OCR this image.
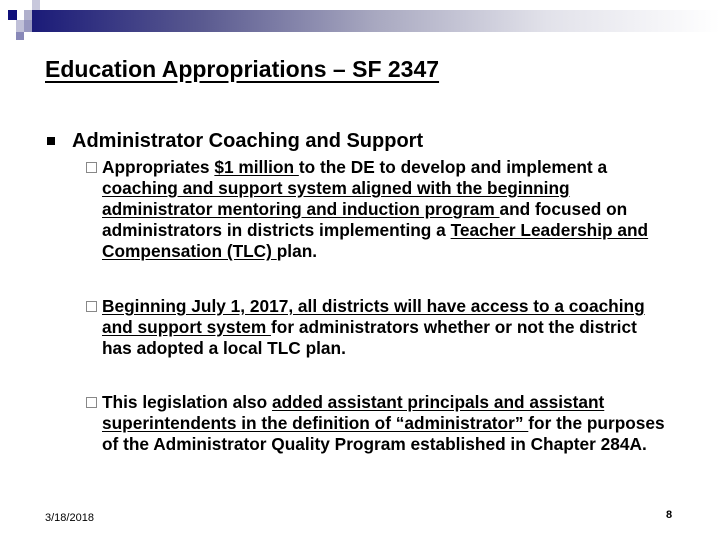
Education Appropriations – SF 2347
Administrator Coaching and Support
Appropriates $1 million to the DE to develop and implement a coaching and support system aligned with the beginning administrator mentoring and induction program and focused on administrators in districts implementing a Teacher Leadership and Compensation (TLC) plan.
Beginning July 1, 2017, all districts will have access to a coaching and support system for administrators whether or not the district has adopted a local TLC plan.
This legislation also added assistant principals and assistant superintendents in the definition of “administrator” for the purposes of the Administrator Quality Program established in Chapter 284A.
3/18/2018	8
